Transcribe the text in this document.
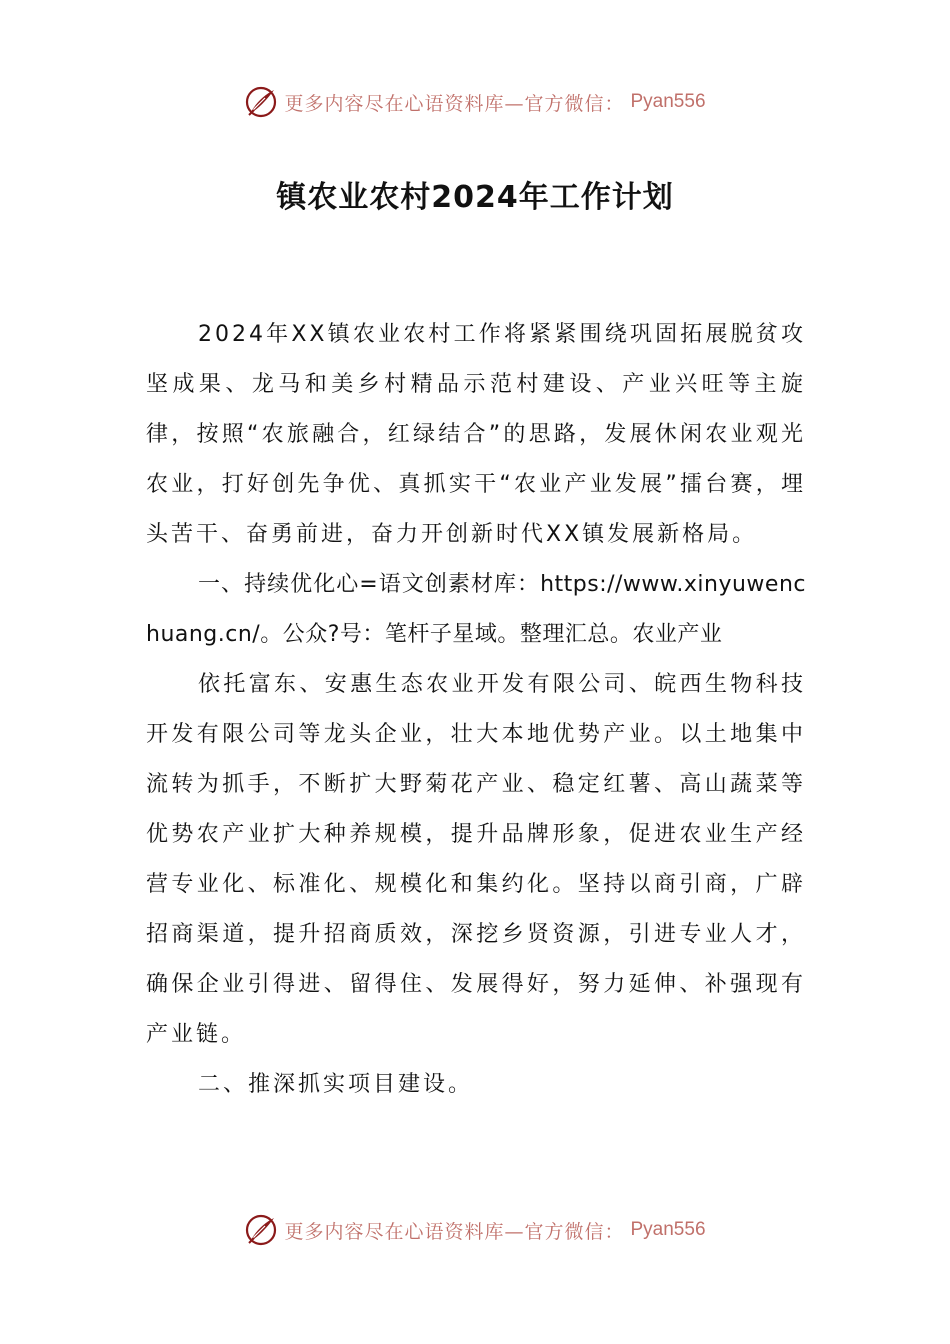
更多内容尽在心语资料库—官方微信： Pyan556
镇农业农村2024年工作计划

2024年XX镇农业农村工作将紧紧围绕巩固拓展脱贫攻坚成果、龙马和美乡村精品示范村建设、产业兴旺等主旋律，按照“农旅融合，红绿结合”的思路，发展休闲农业观光农业，打好创先争优、真抓实干“农业产业发展”擂台赛，埋头苦干、奋勇前进，奋力开创新时代XX镇发展新格局。

一、持续优化心=语文创素材库：https://www.xinyuwenchuang.cn/。公众?号：笔杆子星域。整理汇总。农业产业

依托富东、安惠生态农业开发有限公司、皖西生物科技开发有限公司等龙头企业，壮大本地优势产业。以土地集中流转为抓手，不断扩大野菊花产业、稳定红薯、高山蔬菜等优势农产业扩大种养规模，提升品牌形象，促进农业生产经营专业化、标准化、规模化和集约化。坚持以商引商，广辟招商渠道，提升招商质效，深挖乡贤资源，引进专业人才，确保企业引得进、留得住、发展得好，努力延伸、补强现有产业链。

二、推深抓实项目建设。

更多内容尽在心语资料库—官方微信： Pyan556
